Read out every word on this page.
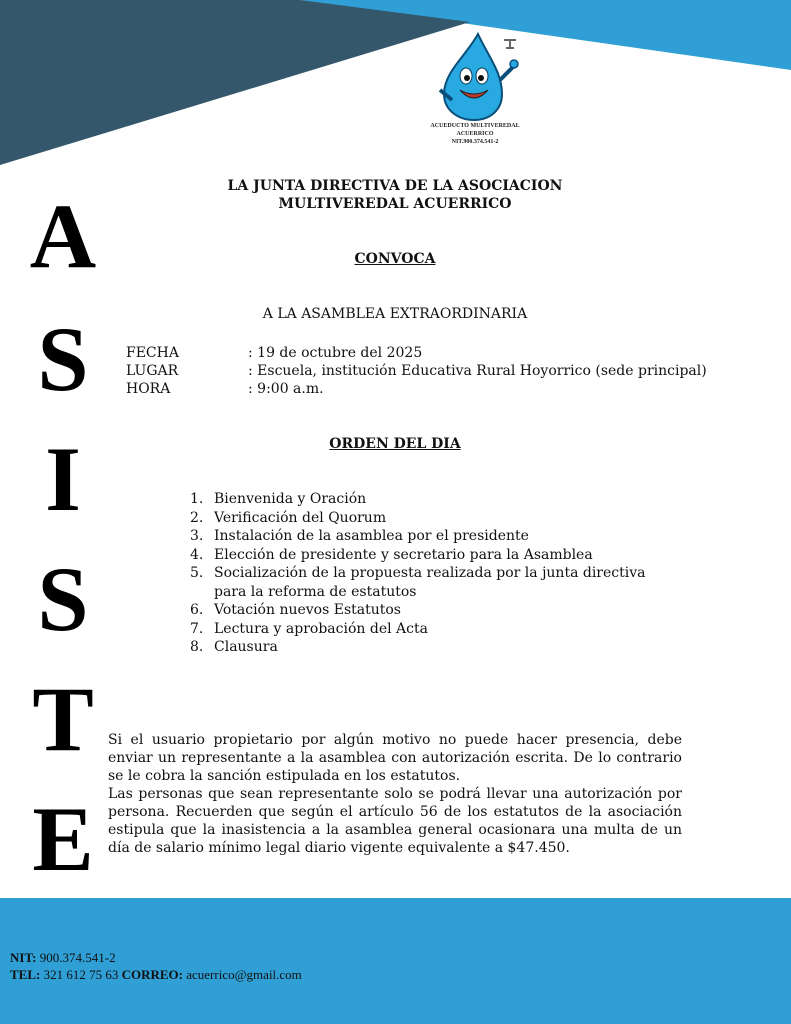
ACUEDUCTO MULTIVEREDAL
ACUERRICO
NIT.900.374.541-2
A
S
I
S
T
E
LA JUNTA DIRECTIVA DE LA ASOCIACION
MULTIVEREDAL ACUERRICO
CONVOCA
A LA ASAMBLEA EXTRAORDINARIA
FECHA	: 19 de octubre del 2025
LUGAR	: Escuela, institución Educativa Rural Hoyorrico (sede principal)
HORA	: 9:00 a.m.
ORDEN DEL DIA
1. Bienvenida y Oración
2. Verificación del Quorum
3. Instalación de la asamblea por el presidente
4. Elección de presidente y secretario para la Asamblea
5. Socialización de la propuesta realizada por la junta directiva para la reforma de estatutos
6. Votación nuevos Estatutos
7. Lectura y aprobación del Acta
8. Clausura

Si el usuario propietario por algún motivo no puede hacer presencia, debe enviar un representante a la asamblea con autorización escrita. De lo contrario se le cobra la sanción estipulada en los estatutos.

Las personas que sean representante solo se podrá llevar una autorización por persona. Recuerden que según el artículo 56 de los estatutos de la asociación estipula que la inasistencia a la asamblea general ocasionara una multa de un día de salario mínimo legal diario vigente equivalente a $47.450.

NIT: 900.374.541-2
TEL: 321 612 75 63 CORREO: acuerrico@gmail.com
